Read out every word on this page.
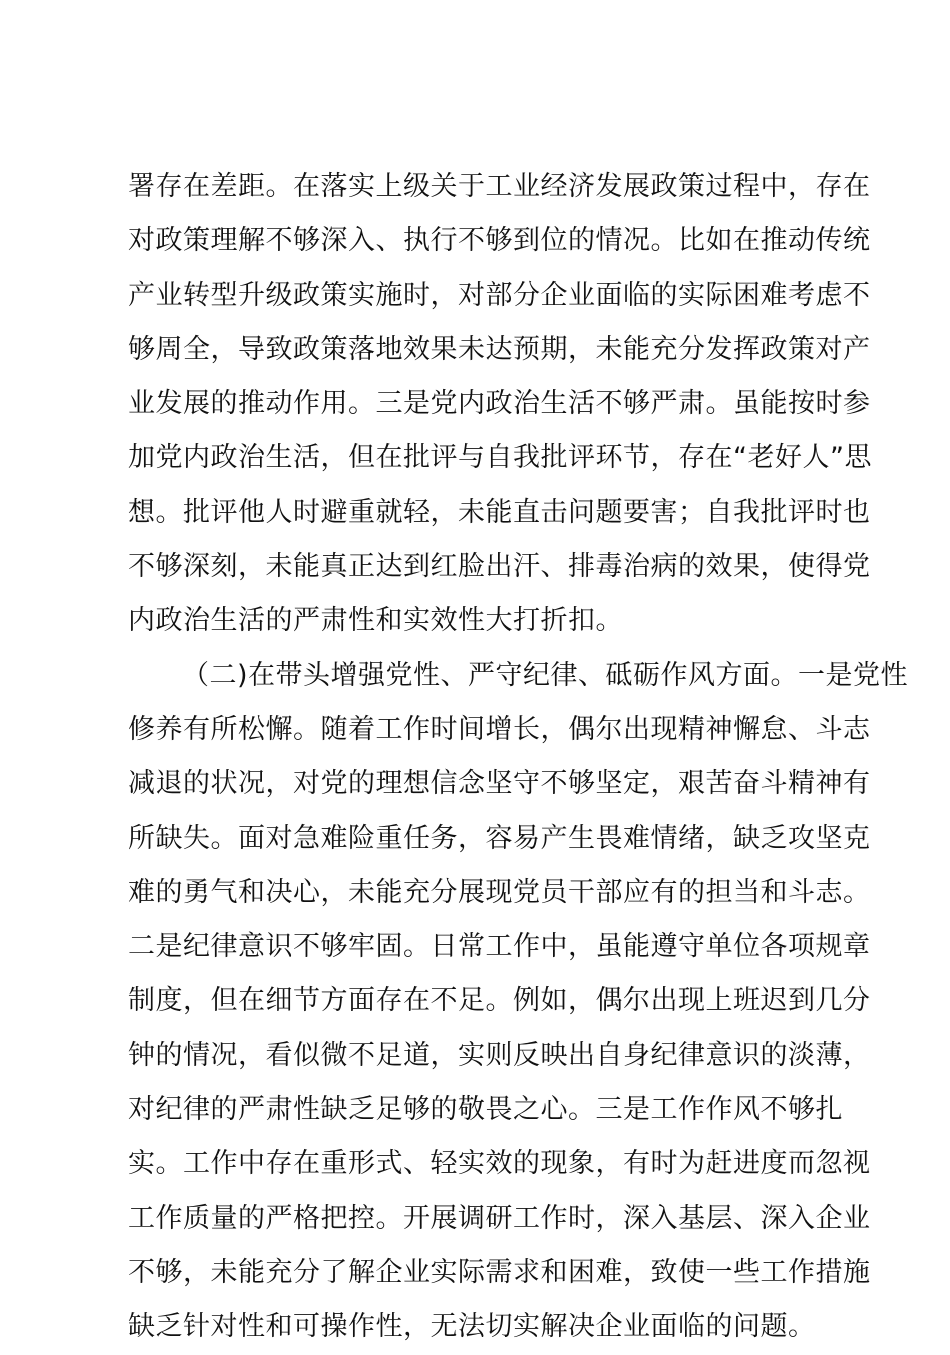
署存在差距。在落实上级关于工业经济发展政策过程中，存在
对政策理解不够深入、执行不够到位的情况。比如在推动传统
产业转型升级政策实施时，对部分企业面临的实际困难考虑不
够周全，导致政策落地效果未达预期，未能充分发挥政策对产
业发展的推动作用。三是党内政治生活不够严肃。虽能按时参
加党内政治生活，但在批评与自我批评环节，存在“老好人”思
想。批评他人时避重就轻，未能直击问题要害；自我批评时也
不够深刻，未能真正达到红脸出汗、排毒治病的效果，使得党
内政治生活的严肃性和实效性大打折扣。
（二)在带头增强党性、严守纪律、砥砺作风方面。一是党性
修养有所松懈。随着工作时间增长，偶尔出现精神懈怠、斗志
减退的状况，对党的理想信念坚守不够坚定，艰苦奋斗精神有
所缺失。面对急难险重任务，容易产生畏难情绪，缺乏攻坚克
难的勇气和决心，未能充分展现党员干部应有的担当和斗志。
二是纪律意识不够牢固。日常工作中，虽能遵守单位各项规章
制度，但在细节方面存在不足。例如，偶尔出现上班迟到几分
钟的情况，看似微不足道，实则反映出自身纪律意识的淡薄，
对纪律的严肃性缺乏足够的敬畏之心。三是工作作风不够扎
实。工作中存在重形式、轻实效的现象，有时为赶进度而忽视
工作质量的严格把控。开展调研工作时，深入基层、深入企业
不够，未能充分了解企业实际需求和困难，致使一些工作措施
缺乏针对性和可操作性，无法切实解决企业面临的问题。
